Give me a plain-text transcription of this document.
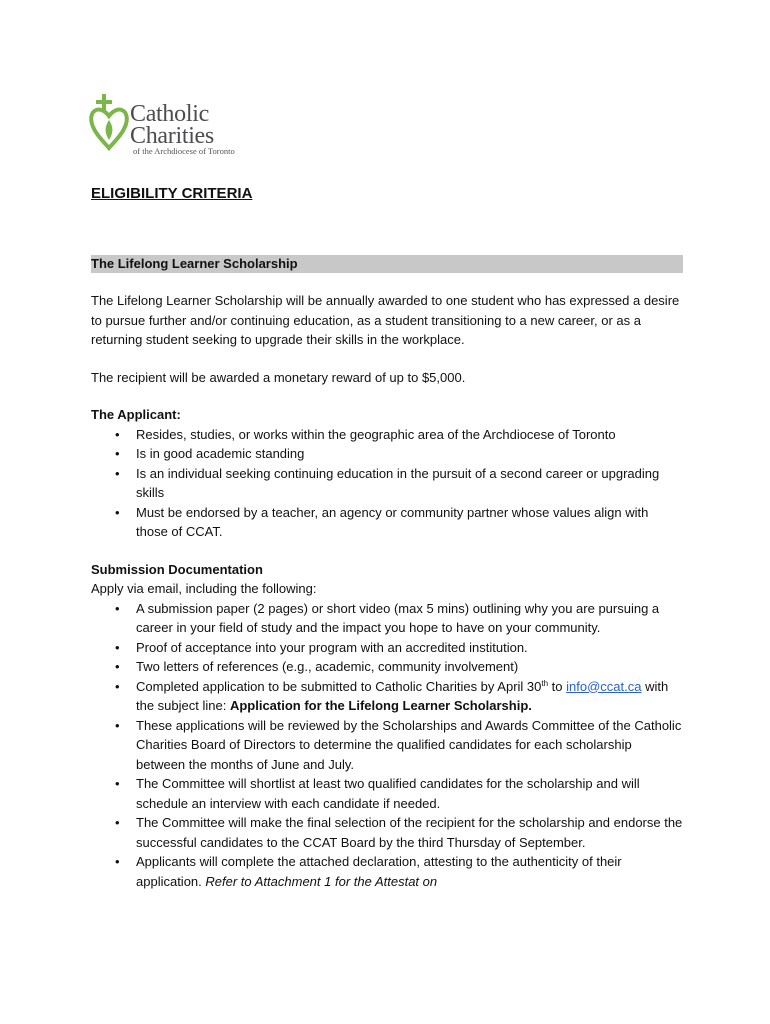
Catholic
Charities
of the Archdiocese of Toronto
ELIGIBILITY CRITERIA
The Lifelong Learner Scholarship

The Lifelong Learner Scholarship will be annually awarded to one student who has expressed a desire to pursue further and/or continuing education, as a student transitioning to a new career, or as a returning student seeking to upgrade their skills in the workplace.

The recipient will be awarded a monetary reward of up to $5,000.

The Applicant:

• Resides, studies, or works within the geographic area of the Archdiocese of Toronto
• Is in good academic standing
• Is an individual seeking continuing education in the pursuit of a second career or upgrading skills
• Must be endorsed by a teacher, an agency or community partner whose values align with those of CCAT.

Submission Documentation

Apply via email, including the following:

• A submission paper (2 pages) or short video (max 5 mins) outlining why you are pursuing a career in your field of study and the impact you hope to have on your community.
• Proof of acceptance into your program with an accredited institution.
• Two letters of references (e.g., academic, community involvement)
• Completed application to be submitted to Catholic Charities by April 30th to info@ccat.ca with the subject line: Application for the Lifelong Learner Scholarship.
• These applications will be reviewed by the Scholarships and Awards Committee of the Catholic Charities Board of Directors to determine the qualified candidates for each scholarship between the months of June and July.
• The Committee will shortlist at least two qualified candidates for the scholarship and will schedule an interview with each candidate if needed.
• The Committee will make the final selection of the recipient for the scholarship and endorse the successful candidates to the CCAT Board by the third Thursday of September.
• Applicants will complete the attached declaration, attesting to the authenticity of their application. Refer to Attachment 1 for the Attestat on
